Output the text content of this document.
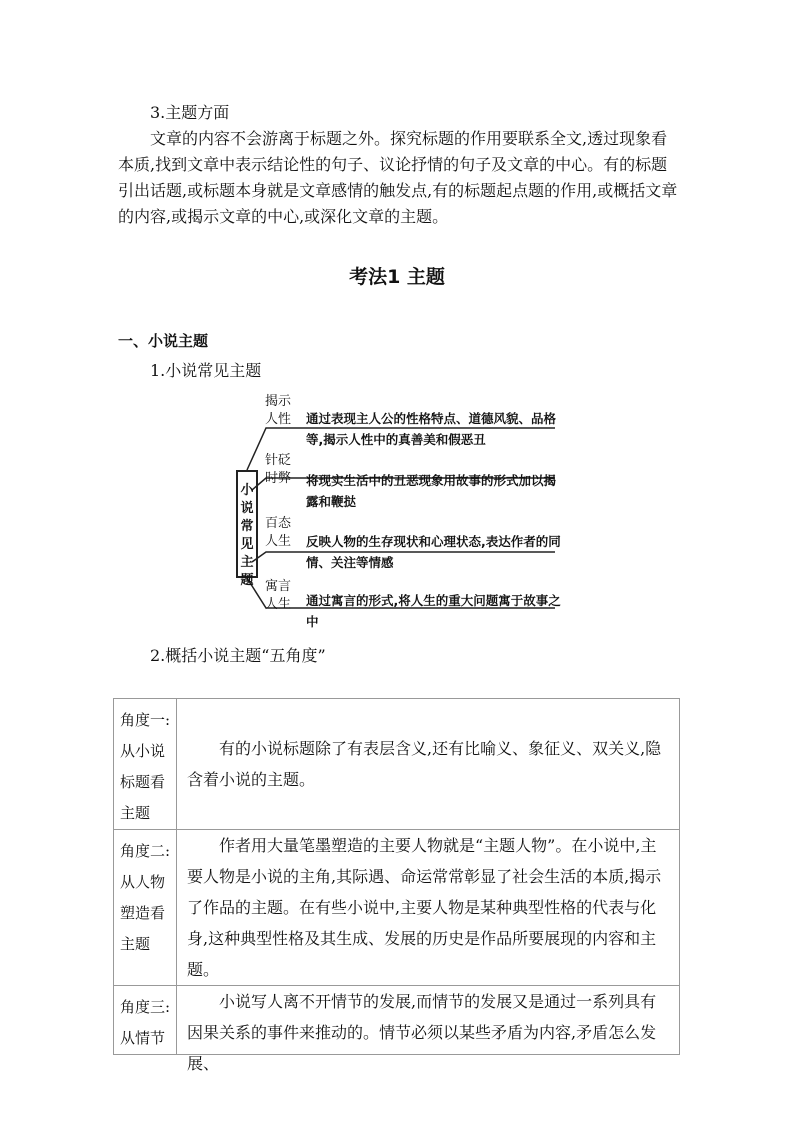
3.主题方面
文章的内容不会游离于标题之外。探究标题的作用要联系全文,透过现象看本质,找到文章中表示结论性的句子、议论抒情的句子及文章的中心。有的标题引出话题,或标题本身就是文章感情的触发点,有的标题起点题的作用,或概括文章的内容,或揭示文章的中心,或深化文章的主题。
考法1 主题
一、小说主题
1.小说常见主题
小
说
常
见
主
题
揭示
人性	通过表现主人公的性格特点、道德风貌、品格等,揭示人性中的真善美和假恶丑
针砭
时弊	将现实生活中的丑恶现象用故事的形式加以揭露和鞭挞
百态
人生	反映人物的生存现状和心理状态,表达作者的同情、关注等情感
寓言
人生	通过寓言的形式,将人生的重大问题寓于故事之中
2.概括小说主题“五角度”
角度一:从小说标题看主题	有的小说标题除了有表层含义,还有比喻义、象征义、双关义,隐含着小说的主题。
角度二:从人物塑造看主题	作者用大量笔墨塑造的主要人物就是“主题人物”。在小说中,主要人物是小说的主角,其际遇、命运常常彰显了社会生活的本质,揭示了作品的主题。在有些小说中,主要人物是某种典型性格的代表与化身,这种典型性格及其生成、发展的历史是作品所要展现的内容和主题。

角度三:从情节	小说写人离不开情节的发展,而情节的发展又是通过一系列具有因果关系的事件来推动的。情节必须以某些矛盾为内容,矛盾怎么发展、
